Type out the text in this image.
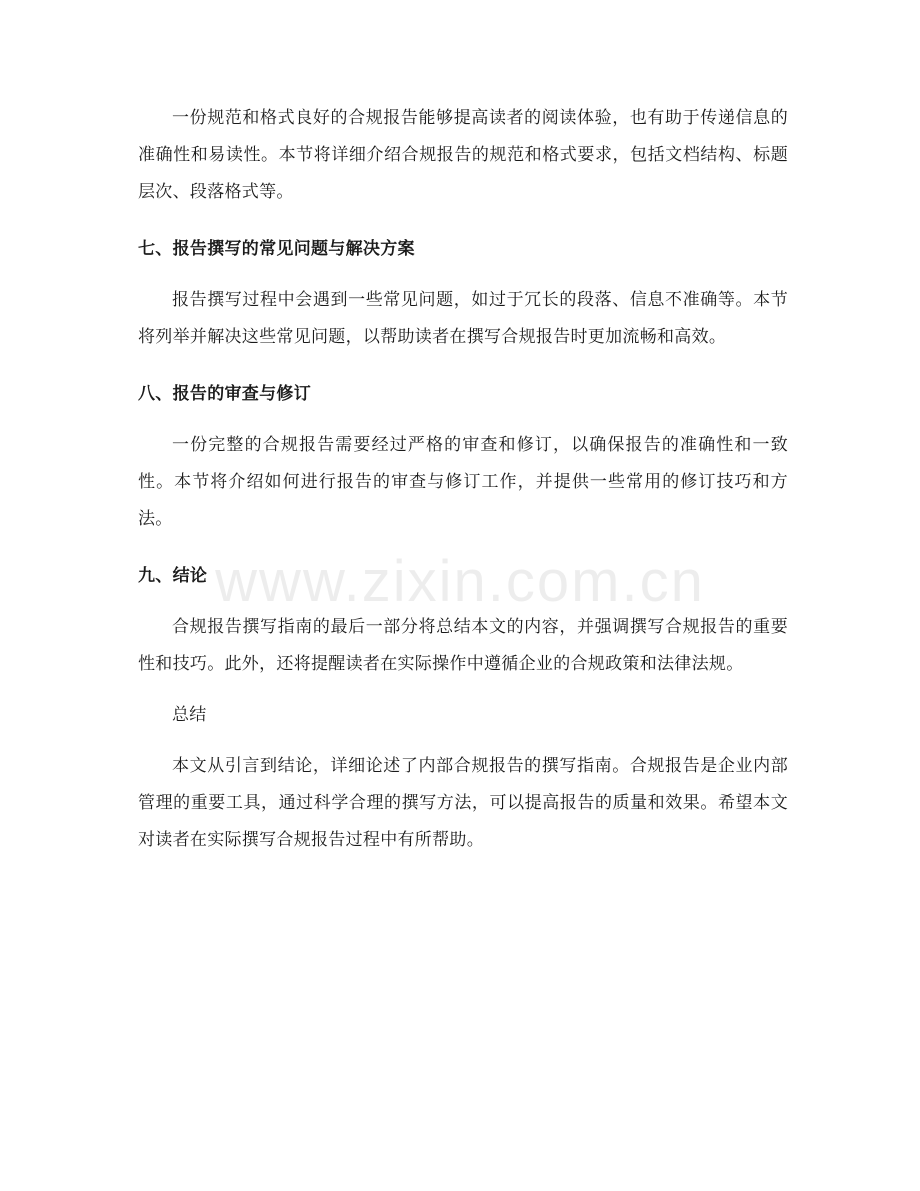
一份规范和格式良好的合规报告能够提高读者的阅读体验，也有助于传递信息的准确性和易读性。本节将详细介绍合规报告的规范和格式要求，包括文档结构、标题层次、段落格式等。

七、报告撰写的常见问题与解决方案

报告撰写过程中会遇到一些常见问题，如过于冗长的段落、信息不准确等。本节将列举并解决这些常见问题，以帮助读者在撰写合规报告时更加流畅和高效。

八、报告的审查与修订

一份完整的合规报告需要经过严格的审查和修订，以确保报告的准确性和一致性。本节将介绍如何进行报告的审查与修订工作，并提供一些常用的修订技巧和方法。

九、结论

合规报告撰写指南的最后一部分将总结本文的内容，并强调撰写合规报告的重要性和技巧。此外，还将提醒读者在实际操作中遵循企业的合规政策和法律法规。

总结

本文从引言到结论，详细论述了内部合规报告的撰写指南。合规报告是企业内部管理的重要工具，通过科学合理的撰写方法，可以提高报告的质量和效果。希望本文对读者在实际撰写合规报告过程中有所帮助。

www.zixin.com.cn
